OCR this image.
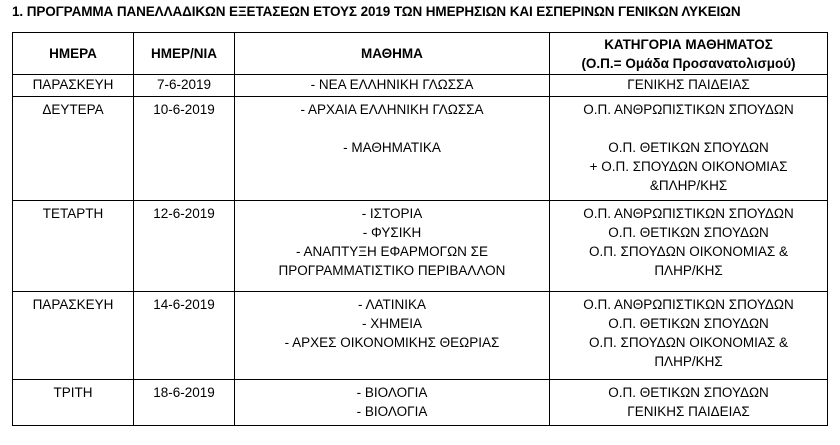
1. ΠΡΟΓΡΑΜΜΑ ΠΑΝΕΛΛΑΔΙΚΩΝ ΕΞΕΤΑΣΕΩΝ ΕΤΟΥΣ 2019 ΤΩΝ ΗΜΕΡΗΣΙΩΝ ΚΑΙ ΕΣΠΕΡΙΝΩΝ ΓΕΝΙΚΩΝ ΛΥΚΕΙΩΝ
ΗΜΕΡΑ	ΗΜΕΡ/ΝΙΑ	ΜΑΘΗΜΑ	ΚΑΤΗΓΟΡΙΑ ΜΑΘΗΜΑΤΟΣ
(Ο.Π.= Ομάδα Προσανατολισμού)

ΠΑΡΑΣΚΕΥΗ	7-6-2019	- ΝΕΑ ΕΛΛΗΝΙΚΗ ΓΛΩΣΣΑ	ΓΕΝΙΚΗΣ ΠΑΙΔΕΙΑΣ

ΔΕΥΤΕΡΑ	10-6-2019	- ΑΡΧΑΙΑ ΕΛΛΗΝΙΚΗ ΓΛΩΣΣΑ
- ΜΑΘΗΜΑΤΙΚΑ	Ο.Π. ΑΝΘΡΩΠΙΣΤΙΚΩΝ ΣΠΟΥΔΩΝ
Ο.Π. ΘΕΤΙΚΩΝ ΣΠΟΥΔΩΝ
+ Ο.Π. ΣΠΟΥΔΩΝ ΟΙΚΟΝΟΜΙΑΣ
&ΠΛΗΡ/ΚΗΣ

ΤΕΤΑΡΤΗ	12-6-2019	- ΙΣΤΟΡΙΑ
- ΦΥΣΙΚΗ
- ΑΝΑΠΤΥΞΗ ΕΦΑΡΜΟΓΩΝ ΣΕ
ΠΡΟΓΡΑΜΜΑΤΙΣΤΙΚΟ ΠΕΡΙΒΑΛΛΟΝ	Ο.Π. ΑΝΘΡΩΠΙΣΤΙΚΩΝ ΣΠΟΥΔΩΝ
Ο.Π. ΘΕΤΙΚΩΝ ΣΠΟΥΔΩΝ
Ο.Π. ΣΠΟΥΔΩΝ ΟΙΚΟΝΟΜΙΑΣ &
ΠΛΗΡ/ΚΗΣ

ΠΑΡΑΣΚΕΥΗ	14-6-2019	- ΛΑΤΙΝΙΚΑ
- ΧΗΜΕΙΑ
- ΑΡΧΕΣ ΟΙΚΟΝΟΜΙΚΗΣ ΘΕΩΡΙΑΣ	Ο.Π. ΑΝΘΡΩΠΙΣΤΙΚΩΝ ΣΠΟΥΔΩΝ
Ο.Π. ΘΕΤΙΚΩΝ ΣΠΟΥΔΩΝ
Ο.Π. ΣΠΟΥΔΩΝ ΟΙΚΟΝΟΜΙΑΣ &
ΠΛΗΡ/ΚΗΣ

ΤΡΙΤΗ	18-6-2019	- ΒΙΟΛΟΓΙΑ
- ΒΙΟΛΟΓΙΑ	Ο.Π. ΘΕΤΙΚΩΝ ΣΠΟΥΔΩΝ
ΓΕΝΙΚΗΣ ΠΑΙΔΕΙΑΣ
